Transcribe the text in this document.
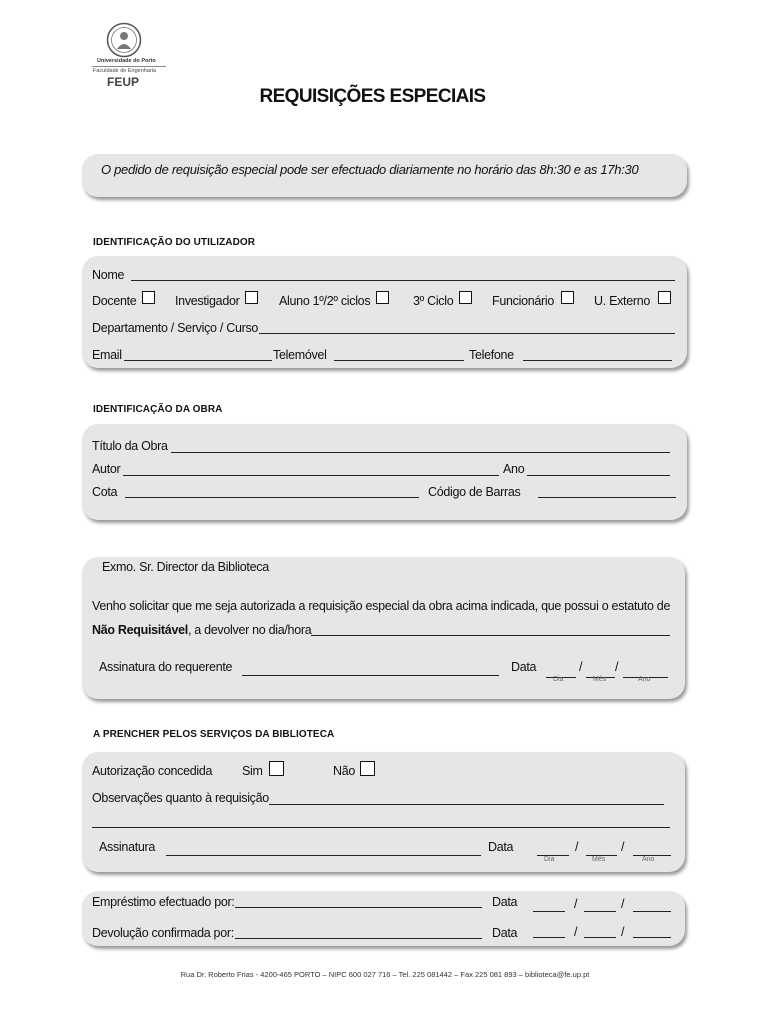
Universidade do Porto
Faculdade de Engenharia
FEUP
REQUISIÇÕES ESPECIAIS
O pedido de requisição especial pode ser efectuado diariamente no horário das 8h:30 e as 17h:30
IDENTIFICAÇÃO DO UTILIZADOR
Nome
Docente	Investigador	Aluno 1º/2º ciclos	3º Ciclo	Funcionário	U. Externo
Departamento / Serviço / Curso
Email	Telemóvel	Telefone
IDENTIFICAÇÃO DA OBRA
Título da Obra
Autor	Ano
Cota	Código de Barras
Exmo. Sr. Director da Biblioteca
Venho solicitar que me seja autorizada a requisição especial da obra acima indicada, que possui o estatuto de
Não Requisitável, a devolver no dia/hora
Assinatura do requerente	Data	/	/
Dia	Mês	Ano
A PRENCHER PELOS SERVIÇOS DA BIBLIOTECA
Autorização concedida Sim	Não
Observações quanto à requisição
Assinatura	Data	/	/
Dia	Mês	Ano
Empréstimo efectuado por:	Data	/	/
Devolução confirmada por:	Data	/	/
Rua Dr. Roberto Frias - 4200-465 PORTO – NIPC 600 027 716 – Tel. 225 081442 – Fax 225 081 893 – biblioteca@fe.up.pt
